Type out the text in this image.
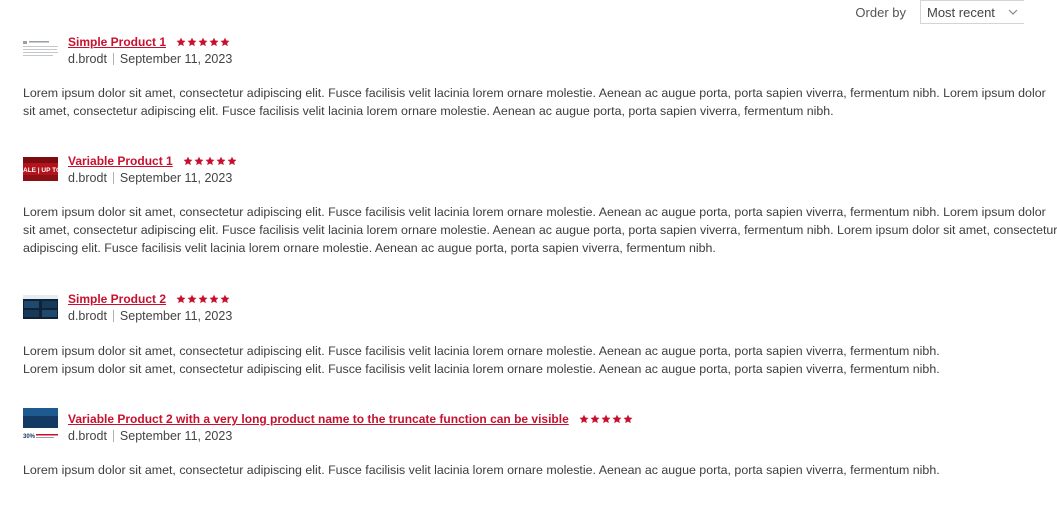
Order by Most recent
Simple Product 1
d.brodt September 11, 2023

Lorem ipsum dolor sit amet, consectetur adipiscing elit. Fusce facilisis velit lacinia lorem ornare molestie. Aenean ac augue porta, porta sapien viverra, fermentum nibh. Lorem ipsum dolor
sit amet, consectetur adipiscing elit. Fusce facilisis velit lacinia lorem ornare molestie. Aenean ac augue porta, porta sapien viverra, fermentum nibh.

ALE | UP TO
Variable Product 1
d.brodt September 11, 2023

Lorem ipsum dolor sit amet, consectetur adipiscing elit. Fusce facilisis velit lacinia lorem ornare molestie. Aenean ac augue porta, porta sapien viverra, fermentum nibh. Lorem ipsum dolor
sit amet, consectetur adipiscing elit. Fusce facilisis velit lacinia lorem ornare molestie. Aenean ac augue porta, porta sapien viverra, fermentum nibh. Lorem ipsum dolor sit amet, consectetur
adipiscing elit. Fusce facilisis velit lacinia lorem ornare molestie. Aenean ac augue porta, porta sapien viverra, fermentum nibh.

Simple Product 2
d.brodt September 11, 2023

Lorem ipsum dolor sit amet, consectetur adipiscing elit. Fusce facilisis velit lacinia lorem ornare molestie. Aenean ac augue porta, porta sapien viverra, fermentum nibh.
Lorem ipsum dolor sit amet, consectetur adipiscing elit. Fusce facilisis velit lacinia lorem ornare molestie. Aenean ac augue porta, porta sapien viverra, fermentum nibh.

30%
Variable Product 2 with a very long product name to the truncate function can be visible
d.brodt September 11, 2023

Lorem ipsum dolor sit amet, consectetur adipiscing elit. Fusce facilisis velit lacinia lorem ornare molestie. Aenean ac augue porta, porta sapien viverra, fermentum nibh.
